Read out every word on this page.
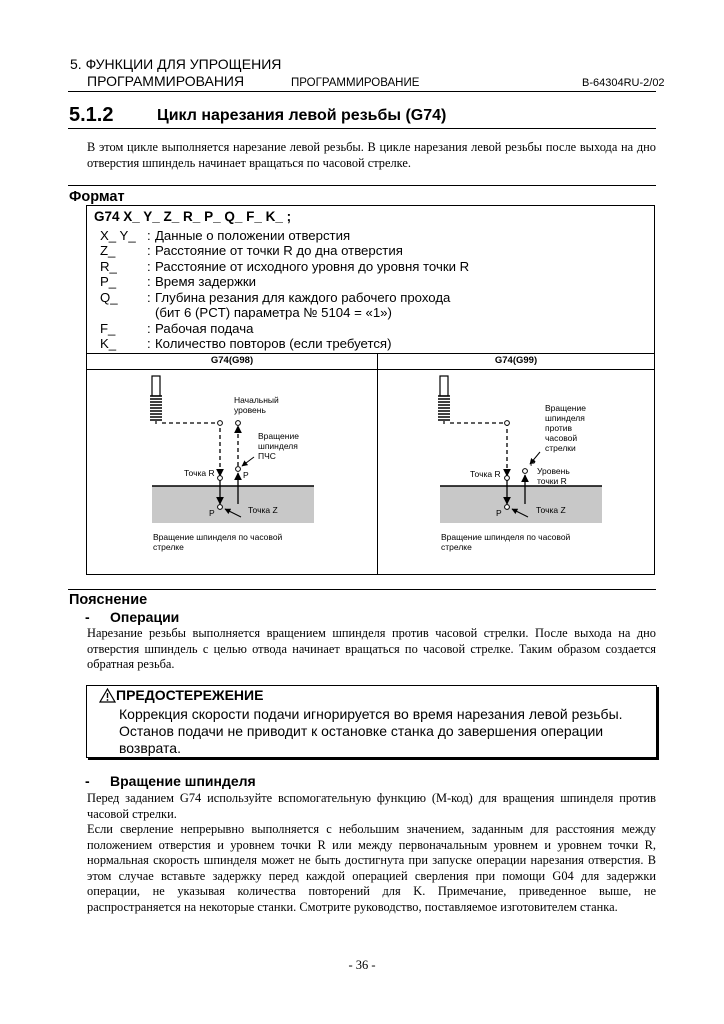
5. ФУНКЦИИ ДЛЯ УПРОЩЕНИЯ
ПРОГРАММИРОВАНИЯ	ПРОГРАММИРОВАНИЕ	B-64304RU-2/02
5.1.2	Цикл нарезания левой резьбы (G74)

В этом цикле выполняется нарезание левой резьбы. В цикле нарезания левой резьбы после выхода на дно отверстия шпиндель начинает вращаться по часовой стрелке.

Формат
G74 X_ Y_ Z_ R_ P_ Q_ F_ K_ ;
X_ Y_ : Данные о положении отверстия
Z_ : Расстояние от точки R до дна отверстия
R_ : Расстояние от исходного уровня до уровня точки R
P_ : Время задержки
Q_ : Глубина резания для каждого рабочего прохода
(бит 6 (PCT) параметра № 5104 = «1»)
F_ : Рабочая подача
K_ : Количество повторов (если требуется)
G74(G98)	G74(G99)
Начальный
уровень
Вращение
шпинделя
ПЧС
Точка R	P
P	Точка Z
Вращение шпинделя по часовой
стрелке
Вращение
шпинделя
против
часовой
стрелки
P
Уровень
точки R
Точка R
P	Точка Z
Вращение шпинделя по часовой
стрелке
Пояснение
- Операции

Нарезание резьбы выполняется вращением шпинделя против часовой стрелки. После выхода на дно отверстия шпиндель с целью отвода начинает вращаться по часовой стрелке. Таким образом создается обратная резьба.

ПРЕДОСТЕРЕЖЕНИЕ
Коррекция скорости подачи игнорируется во время нарезания левой резьбы. Останов подачи не приводит к остановке станка до завершения операции возврата.
- Вращение шпинделя

Перед заданием G74 используйте вспомогательную функцию (М-код) для вращения шпинделя против часовой стрелки.

Если сверление непрерывно выполняется с небольшим значением, заданным для расстояния между положением отверстия и уровнем точки R или между первоначальным уровнем и уровнем точки R, нормальная скорость шпинделя может не быть достигнута при запуске операции нарезания отверстия. В этом случае вставьте задержку перед каждой операцией сверления при помощи G04 для задержки операции, не указывая количества повторений для K. Примечание, приведенное выше, не распространяется на некоторые станки. Смотрите руководство, поставляемое изготовителем станка.

- 36 -
